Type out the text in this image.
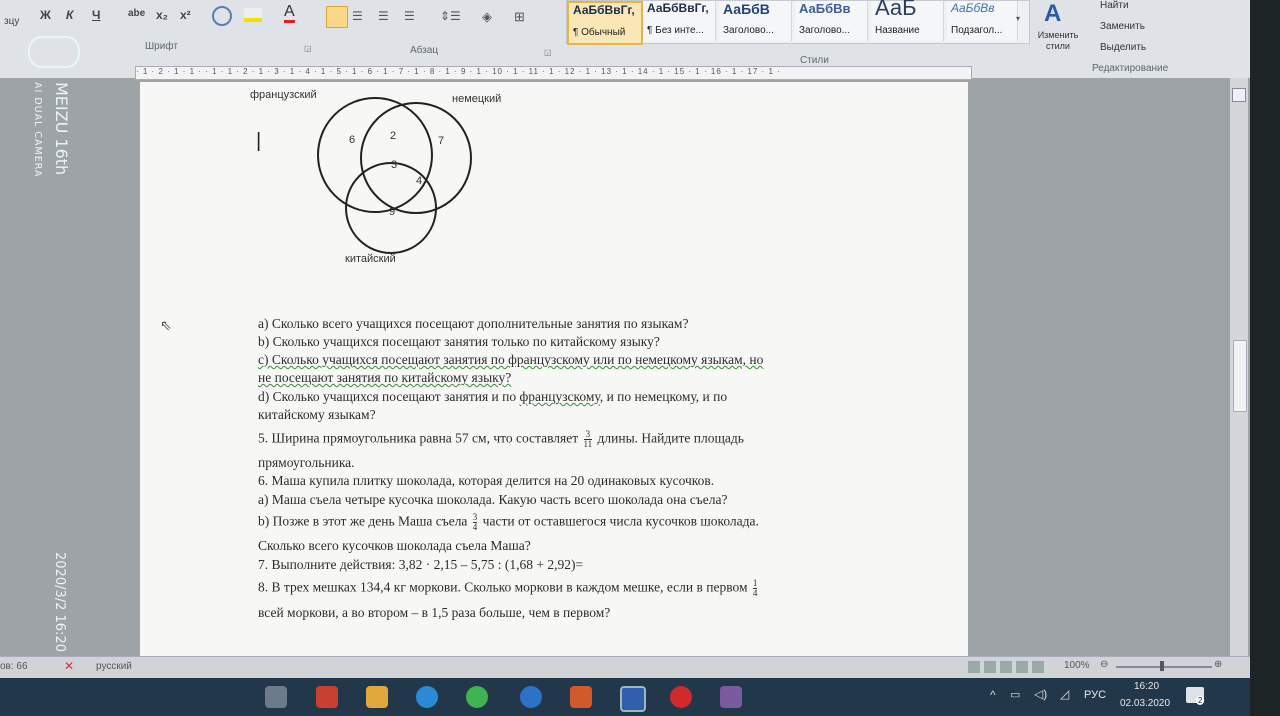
зцу Ж К Ч	abe x₂ x²	A
Шрифт	◲
☰ ☰ ☰ ⇕☰ ◈ ⊞
Абзац	◲
АаБбВвГг,
¶ Обычный
АаБбВвГг,
¶ Без инте...
АаБбВ
Заголово...
АаБбВв
Заголово...
АаБ
Название
АаБбВв
Подзагол...
▾
Стили
A
Изменить стили
Найти
Заменить
Выделить
Редактирование
· 1 · 2 · 1 · 1 · · 1 · 1 · 2 · 1 · 3 · 1 · 4 · 1 · 5 · 1 · 6 · 1 · 7 · 1 · 8 · 1 · 9 · 1 · 10 · 1 · 11 · 1 · 12 · 1 · 13 · 1 · 14 · 1 · 15 · 1 · 16 · 1 · 17 · 1 ·
французский	немецкий
китайский
6	2	7
3
4
9
|
⇖	а) Сколько всего учащихся посещают дополнительные занятия по языкам?
b) Сколько учащихся посещают занятия только по китайскому языку?
с) Сколько учащихся посещают занятия по французскому или по немецкому языкам, но
не посещают занятия по китайскому языку?
d) Сколько учащихся посещают занятия и по французскому, и по немецкому, и по
китайскому языкам?
5. Ширина прямоугольника равна 57 см, что составляет $\frac{3}{11}$ длины. Найдите площадь
прямоугольника.
6. Маша купила плитку шоколада, которая делится на 20 одинаковых кусочков.
а) Маша съела четыре кусочка шоколада. Какую часть всего шоколада она съела?
b) Позже в этот же день Маша съела $\frac{3}{4}$ части от оставшегося числа кусочков шоколада.
Сколько всего кусочков шоколада съела Маша?
7. Выполните действия: 3,82 · 2,15 – 5,75 : (1,68 + 2,92)=
8. В трех мешках 134,4 кг моркови. Сколько моркови в каждом мешке, если в первом $\frac{1}{4}$
всей моркови, а во втором – в 1,5 раза больше, чем в первом?
ов: 66	✕ русский	100% ⊖	⊕
^ ▭ ◁) ◿ РУС
16:20
02.03.2020	2
MEIZU 16th
AI DUAL CAMERA
2020/3/2 16:20
